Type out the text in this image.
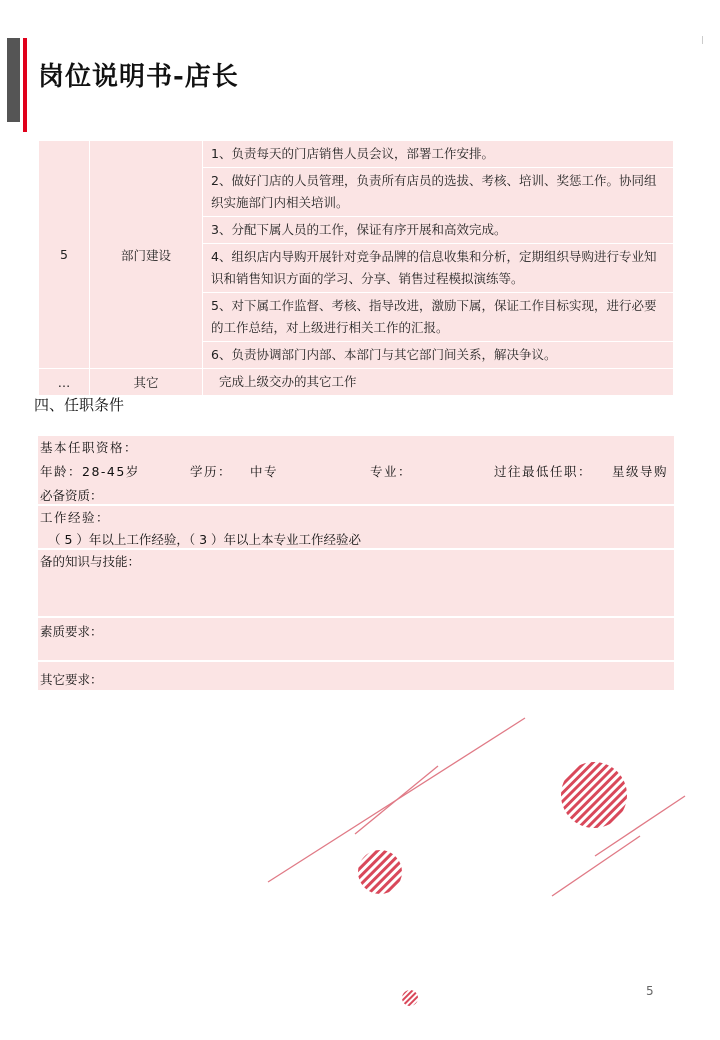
岗位说明书-店长
5	部门建设	1、负责每天的门店销售人员会议，部署工作安排。
		2、做好门店的人员管理，负责所有店员的选拔、考核、培训、奖惩工作。协同组织实施部门内相关培训。
		3、分配下属人员的工作，保证有序开展和高效完成。
		4、组织店内导购开展针对竞争品牌的信息收集和分析，定期组织导购进行专业知识和销售知识方面的学习、分享、销售过程模拟演练等。
		5、对下属工作监督、考核、指导改进，激励下属，保证工作目标实现，进行必要的工作总结，对上级进行相关工作的汇报。
		6、负责协调部门内部、本部门与其它部门间关系，解决争议。
…	其它	完成上级交办的其它工作
四、任职条件
基本任职资格：
年龄：28-45岁	学历： 中专	专业：	过往最低任职： 星级导购
必备资质：
工作经验：
（ 5 ）年以上工作经验，（ 3 ）年以上本专业工作经验必
备的知识与技能：
素质要求：
其它要求：
5
